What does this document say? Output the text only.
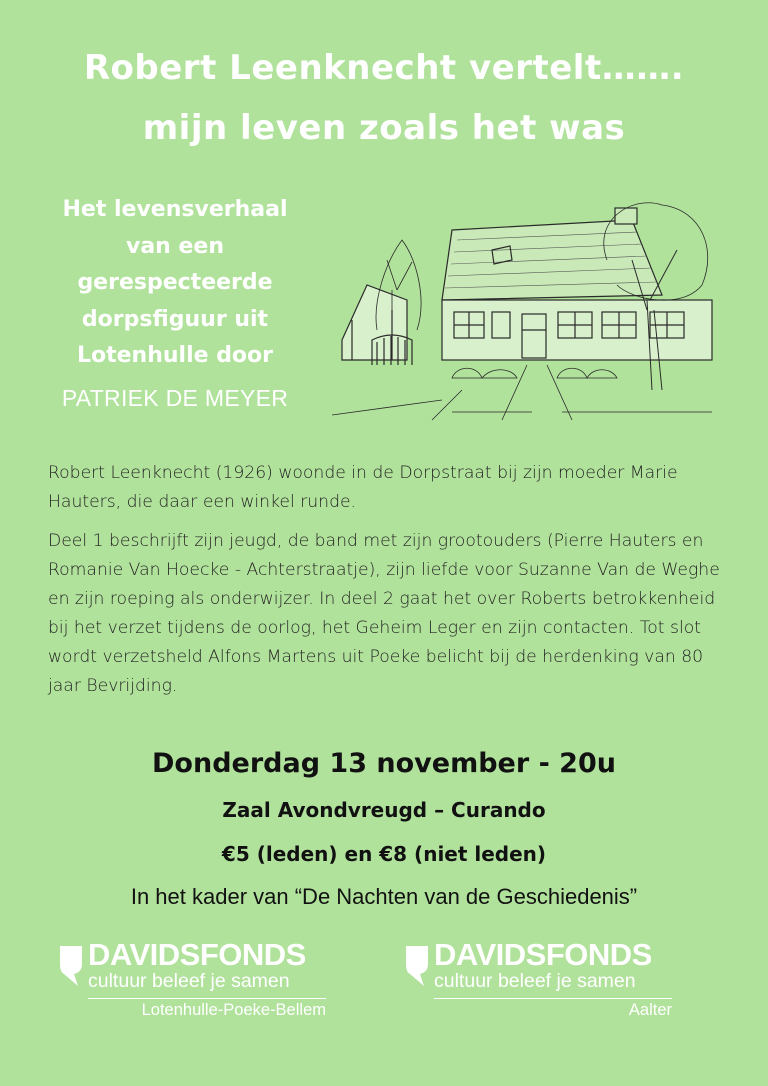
Robert Leenknecht vertelt…….
mijn leven zoals het was
Het levensverhaal
van een
gerespecteerde
dorpsfiguur uit
Lotenhulle door
PATRIEK DE MEYER

Robert Leenknecht (1926) woonde in de Dorpstraat bij zijn moeder Marie Hauters, die daar een winkel runde.

Deel 1 beschrijft zijn jeugd, de band met zijn grootouders (Pierre Hauters en Romanie Van Hoecke - Achterstraatje), zijn liefde voor Suzanne Van de Weghe en zijn roeping als onderwijzer. In deel 2 gaat het over Roberts betrokkenheid bij het verzet tijdens de oorlog, het Geheim Leger en zijn contacten. Tot slot wordt verzetsheld Alfons Martens uit Poeke belicht bij de herdenking van 80 jaar Bevrijding.

Donderdag 13 november - 20u
Zaal Avondvreugd – Curando
€5 (leden) en €8 (niet leden)
In het kader van “De Nachten van de Geschiedenis”
DAVIDSFONDS
cultuur beleef je samen
Lotenhulle-Poeke-Bellem
DAVIDSFONDS
cultuur beleef je samen
Aalter
